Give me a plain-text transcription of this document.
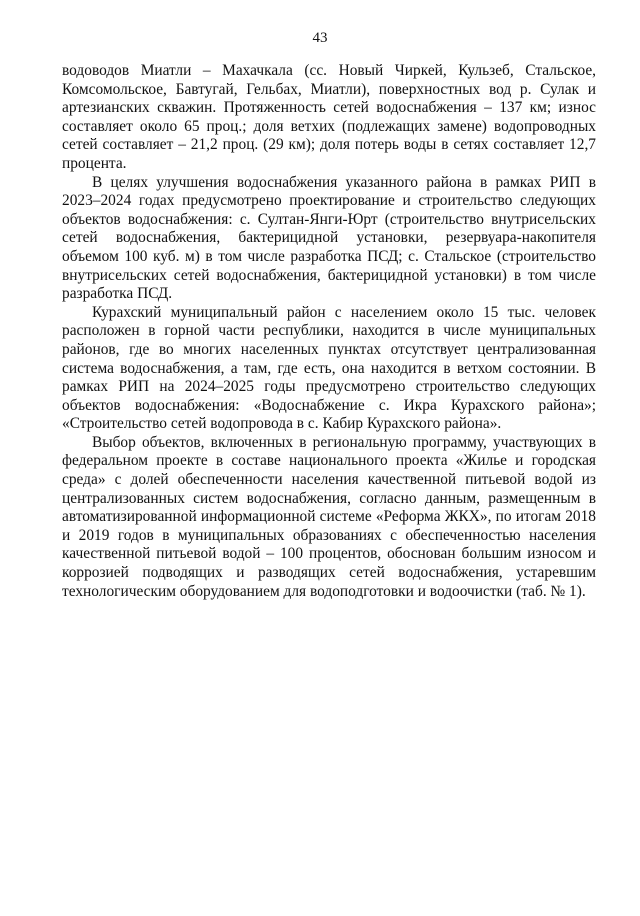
43

водоводов Миатли – Махачкала (сс. Новый Чиркей, Кульзеб, Стальское, Комсомольское, Бавтугай, Гельбах, Миатли), поверхностных вод р. Сулак и артезианских скважин. Протяженность сетей водоснабжения – 137 км; износ составляет около 65 проц.; доля ветхих (подлежащих замене) водопроводных сетей составляет – 21,2 проц. (29 км); доля потерь воды в сетях составляет 12,7 процента.

В целях улучшения водоснабжения указанного района в рамках РИП в 2023–2024 годах предусмотрено проектирование и строительство следующих объектов водоснабжения: с. Султан-Янги-Юрт (строительство внутрисельских сетей водоснабжения, бактерицидной установки, резервуара-накопителя объемом 100 куб. м) в том числе разработка ПСД; с. Стальское (строительство внутрисельских сетей водоснабжения, бактерицидной установки) в том числе разработка ПСД.

Курахский муниципальный район с населением около 15 тыс. человек расположен в горной части республики, находится в числе муниципальных районов, где во многих населенных пунктах отсутствует централизованная система водоснабжения, а там, где есть, она находится в ветхом состоянии. В рамках РИП на 2024–2025 годы предусмотрено строительство следующих объектов водоснабжения: «Водоснабжение с. Икра Курахского района»; «Строительство сетей водопровода в с. Кабир Курахского района».

Выбор объектов, включенных в региональную программу, участвующих в федеральном проекте в составе национального проекта «Жилье и городская среда» с долей обеспеченности населения качественной питьевой водой из централизованных систем водоснабжения, согласно данным, размещенным в автоматизированной информационной системе «Реформа ЖКХ», по итогам 2018 и 2019 годов в муниципальных образованиях с обеспеченностью населения качественной питьевой водой – 100 процентов, обоснован большим износом и коррозией подводящих и разводящих сетей водоснабжения, устаревшим технологическим оборудованием для водоподготовки и водоочистки (таб. № 1).
